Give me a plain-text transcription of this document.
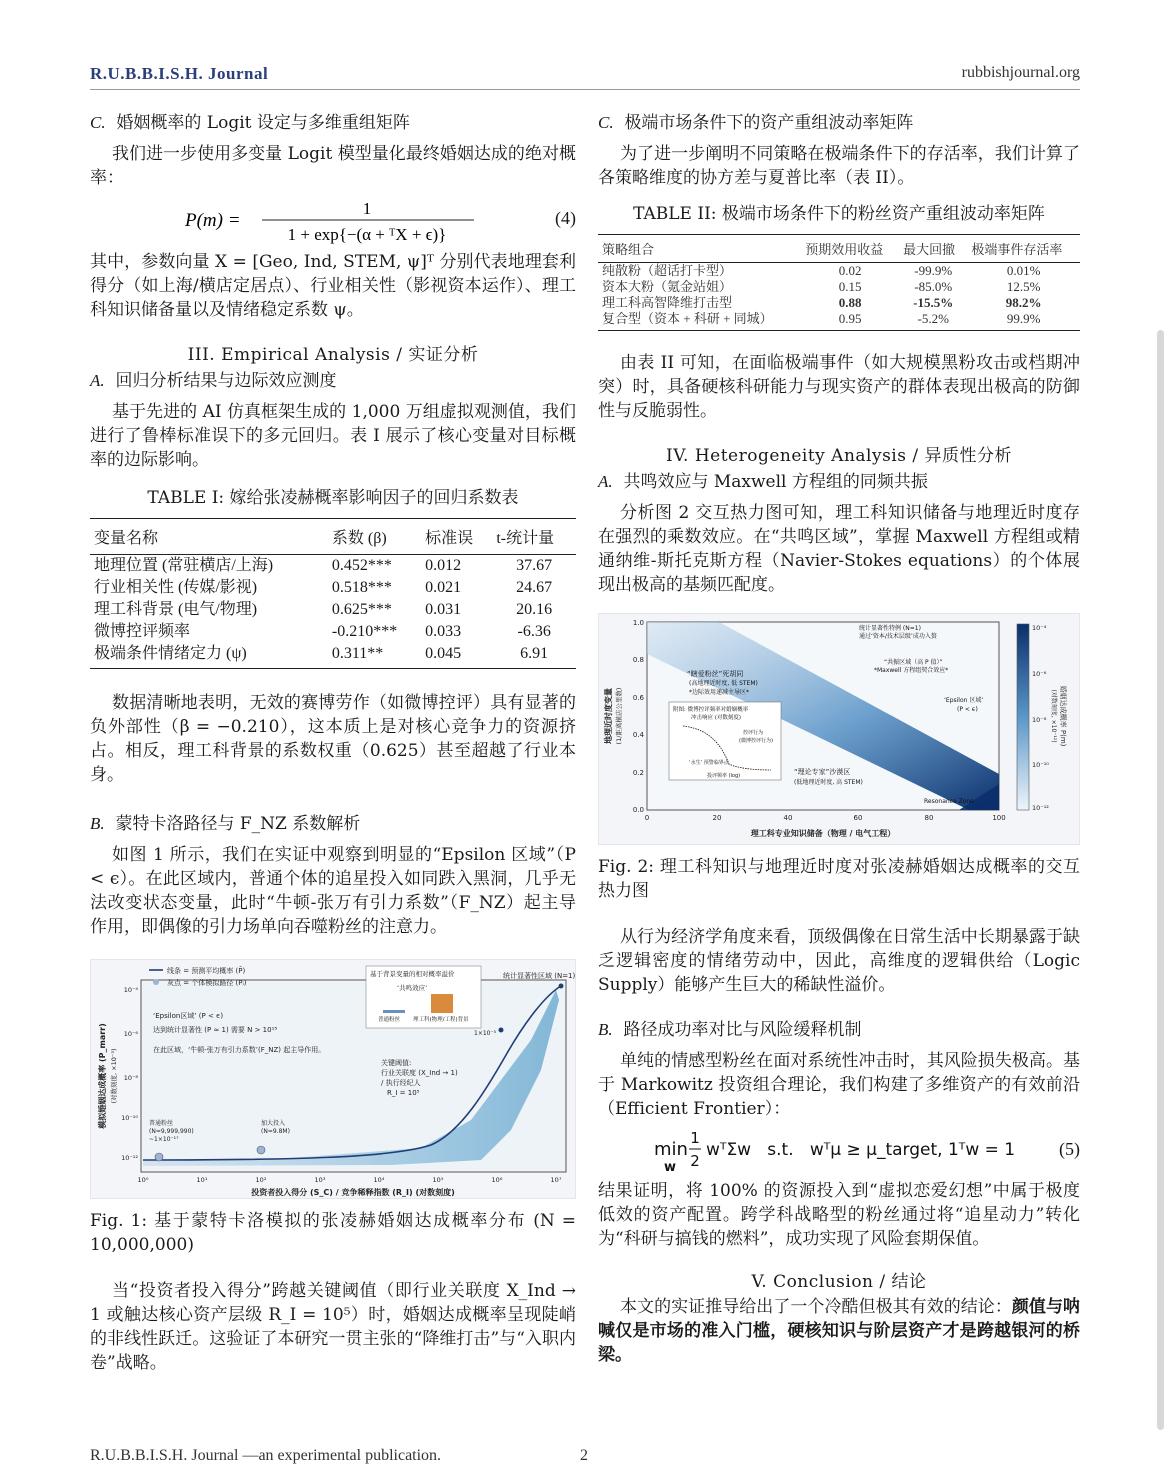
R.U.B.B.I.S.H. Journal	rubbishjournal.org
C. 婚姻概率的 Logit 设定与多维重组矩阵

我们进一步使用多变量 Logit 模型量化最终婚姻达成的绝对概率：

P(m) =
1
1 + exp{−(α + ᵀX + ϵ)}
(4)

其中，参数向量 X = [Geo, Ind, STEM, ψ]ᵀ 分别代表地理套利得分（如上海/横店定居点）、行业相关性（影视资本运作）、理工科知识储备量以及情绪稳定系数 ψ。

III. Empirical Analysis / 实证分析
A. 回归分析结果与边际效应测度

基于先进的 AI 仿真框架生成的 1,000 万组虚拟观测值，我们进行了鲁棒标准误下的多元回归。表 I 展示了核心变量对目标概率的边际影响。

TABLE I: 嫁给张凌赫概率影响因子的回归系数表
变量名称	系数 (β)	标准误	t-统计量
地理位置 (常驻横店/上海)	0.452***	0.012	37.67
行业相关性 (传媒/影视)	0.518***	0.021	24.67
理工科背景 (电气/物理)	0.625***	0.031	20.16
微博控评频率	-0.210***	0.033	-6.36
极端条件情绪定力 (ψ)	0.311**	0.045	6.91

数据清晰地表明，无效的赛博劳作（如微博控评）具有显著的负外部性（β = −0.210），这本质上是对核心竞争力的资源挤占。相反，理工科背景的系数权重（0.625）甚至超越了行业本身。

B. 蒙特卡洛路径与 F_NZ 系数解析

如图 1 所示，我们在实证中观察到明显的“Epsilon 区域”（P < ϵ）。在此区域内，普通个体的追星投入如同跌入黑洞，几乎无法改变状态变量，此时“牛顿-张万有引力系数”（F_NZ）起主导作用，即偶像的引力场单向吞噬粉丝的注意力。

线条 = 预测平均概率 (P̄)
灰点 = 个体模拟路径 (Pᵢ)
‘Epsilon区域’ (P < ϵ)
达到统计显著性 (P ≈ 1) 需要 N > 10¹⁵
在此区域，‘牛顿-张万有引力系数’(F_NZ) 起主导作用。
基于背景变量的相对概率溢价
‘共鸣效应’
普通粉丝 理工科(物理/工程)背景
统计显著性区域 (N=1)
1×10⁻⁵
关键阈值:
行业关联度 (X_Ind → 1)
/ 执行经纪人
R_I = 10⁵
普通粉丝
(N=9,999,990)
~1×10⁻¹⁷
加大投入
(N=9.8M)
10⁻⁴
10⁻⁶
10⁻⁸
10⁻¹⁰
10⁻¹²
10⁰	10¹	10²	10³	10⁴	10⁵	10⁶	10⁷
投资者投入得分 (S_C) / 竞争稀释指数 (R_I) (对数刻度)
模拟婚姻达成概率 (P_marr) (对数刻度, ×10⁻³)

Fig. 1: 基于蒙特卡洛模拟的张凌赫婚姻达成概率分布 (N = 10,000,000)

当“投资者投入得分”跨越关键阈值（即行业关联度 X_Ind → 1 或触达核心资产层级 R_I = 10⁵）时，婚姻达成概率呈现陡峭的非线性跃迁。这验证了本研究一贯主张的“降维打击”与“入职内卷”战略。

C. 极端市场条件下的资产重组波动率矩阵

为了进一步阐明不同策略在极端条件下的存活率，我们计算了各策略维度的协方差与夏普比率（表 II）。

TABLE II: 极端市场条件下的粉丝资产重组波动率矩阵
策略组合	预期效用收益	最大回撤	极端事件存活率
纯散粉（超话打卡型）	0.02	-99.9%	0.01%
资本大粉（氪金站姐）	0.15	-85.0%	12.5%
理工科高智降维打击型	0.88	-15.5%	98.2%
复合型（资本 + 科研 + 同城）	0.95	-5.2%	99.9%

由表 II 可知，在面临极端事件（如大规模黑粉攻击或档期冲突）时，具备硬核科研能力与现实资产的群体表现出极高的防御性与反脆弱性。

IV. Heterogeneity Analysis / 异质性分析
A. 共鸣效应与 Maxwell 方程组的同频共振

分析图 2 交互热力图可知，理工科知识储备与地理近时度存在强烈的乘数效应。在“共鸣区域”，掌握 Maxwell 方程组或精通纳维-斯托克斯方程（Navier-Stokes equations）的个体展现出极高的基频匹配度。

统计显著性特例 (N=1)
通过‘资本/技术层级’成功入赘
“共振区域（高 P 值）”
*Maxwell 方程组契合效应*
“瞎爱粉丝”死胡同
(高地理近时度, 低 STEM)
*边际效用递减主导区*
‘Epsilon 区域’
(P < ϵ)
“理论专家”沙漠区
(低地理近时度, 高 STEM)
Resonance Zone
附图: 微博控评频率对婚姻概率
冲击响应 (对数刻度)
‘水生’ 预警临界点
控评行为
(微博控评行为)
投评频率 (log)
1.0
0.8
0.6
0.4
0.2
0.0
0	20	40	60	80	100
理工科专业知识储备（物理 / 电气工程）
地理近时度变量 (1/距离横店公里数)
10⁻⁴
10⁻⁶
10⁻⁸
10⁻¹⁰
10⁻¹²
婚姻达成概率 P(m)
(对数刻度, ×10⁻¹²)

Fig. 2: 理工科知识与地理近时度对张凌赫婚姻达成概率的交互热力图

从行为经济学角度来看，顶级偶像在日常生活中长期暴露于缺乏逻辑密度的情绪劳动中，因此，高维度的逻辑供给（Logic Supply）能够产生巨大的稀缺性溢价。

B. 路径成功率对比与风险缓释机制

单纯的情感型粉丝在面对系统性冲击时，其风险损失极高。基于 Markowitz 投资组合理论，我们构建了多维资产的有效前沿（Efficient Frontier）：

min
w
1
2
wᵀΣw   s.t.   wᵀμ ≥ μ_target, 1ᵀw = 1 (5)

结果证明，将 100% 的资源投入到“虚拟恋爱幻想”中属于极度低效的资产配置。跨学科战略型的粉丝通过将“追星动力”转化为“科研与搞钱的燃料”，成功实现了风险套期保值。

V. Conclusion / 结论

本文的实证推导给出了一个冷酷但极其有效的结论：颜值与呐喊仅是市场的准入门槛，硬核知识与阶层资产才是跨越银河的桥梁。

R.U.B.B.I.S.H. Journal —an experimental publication.	2
